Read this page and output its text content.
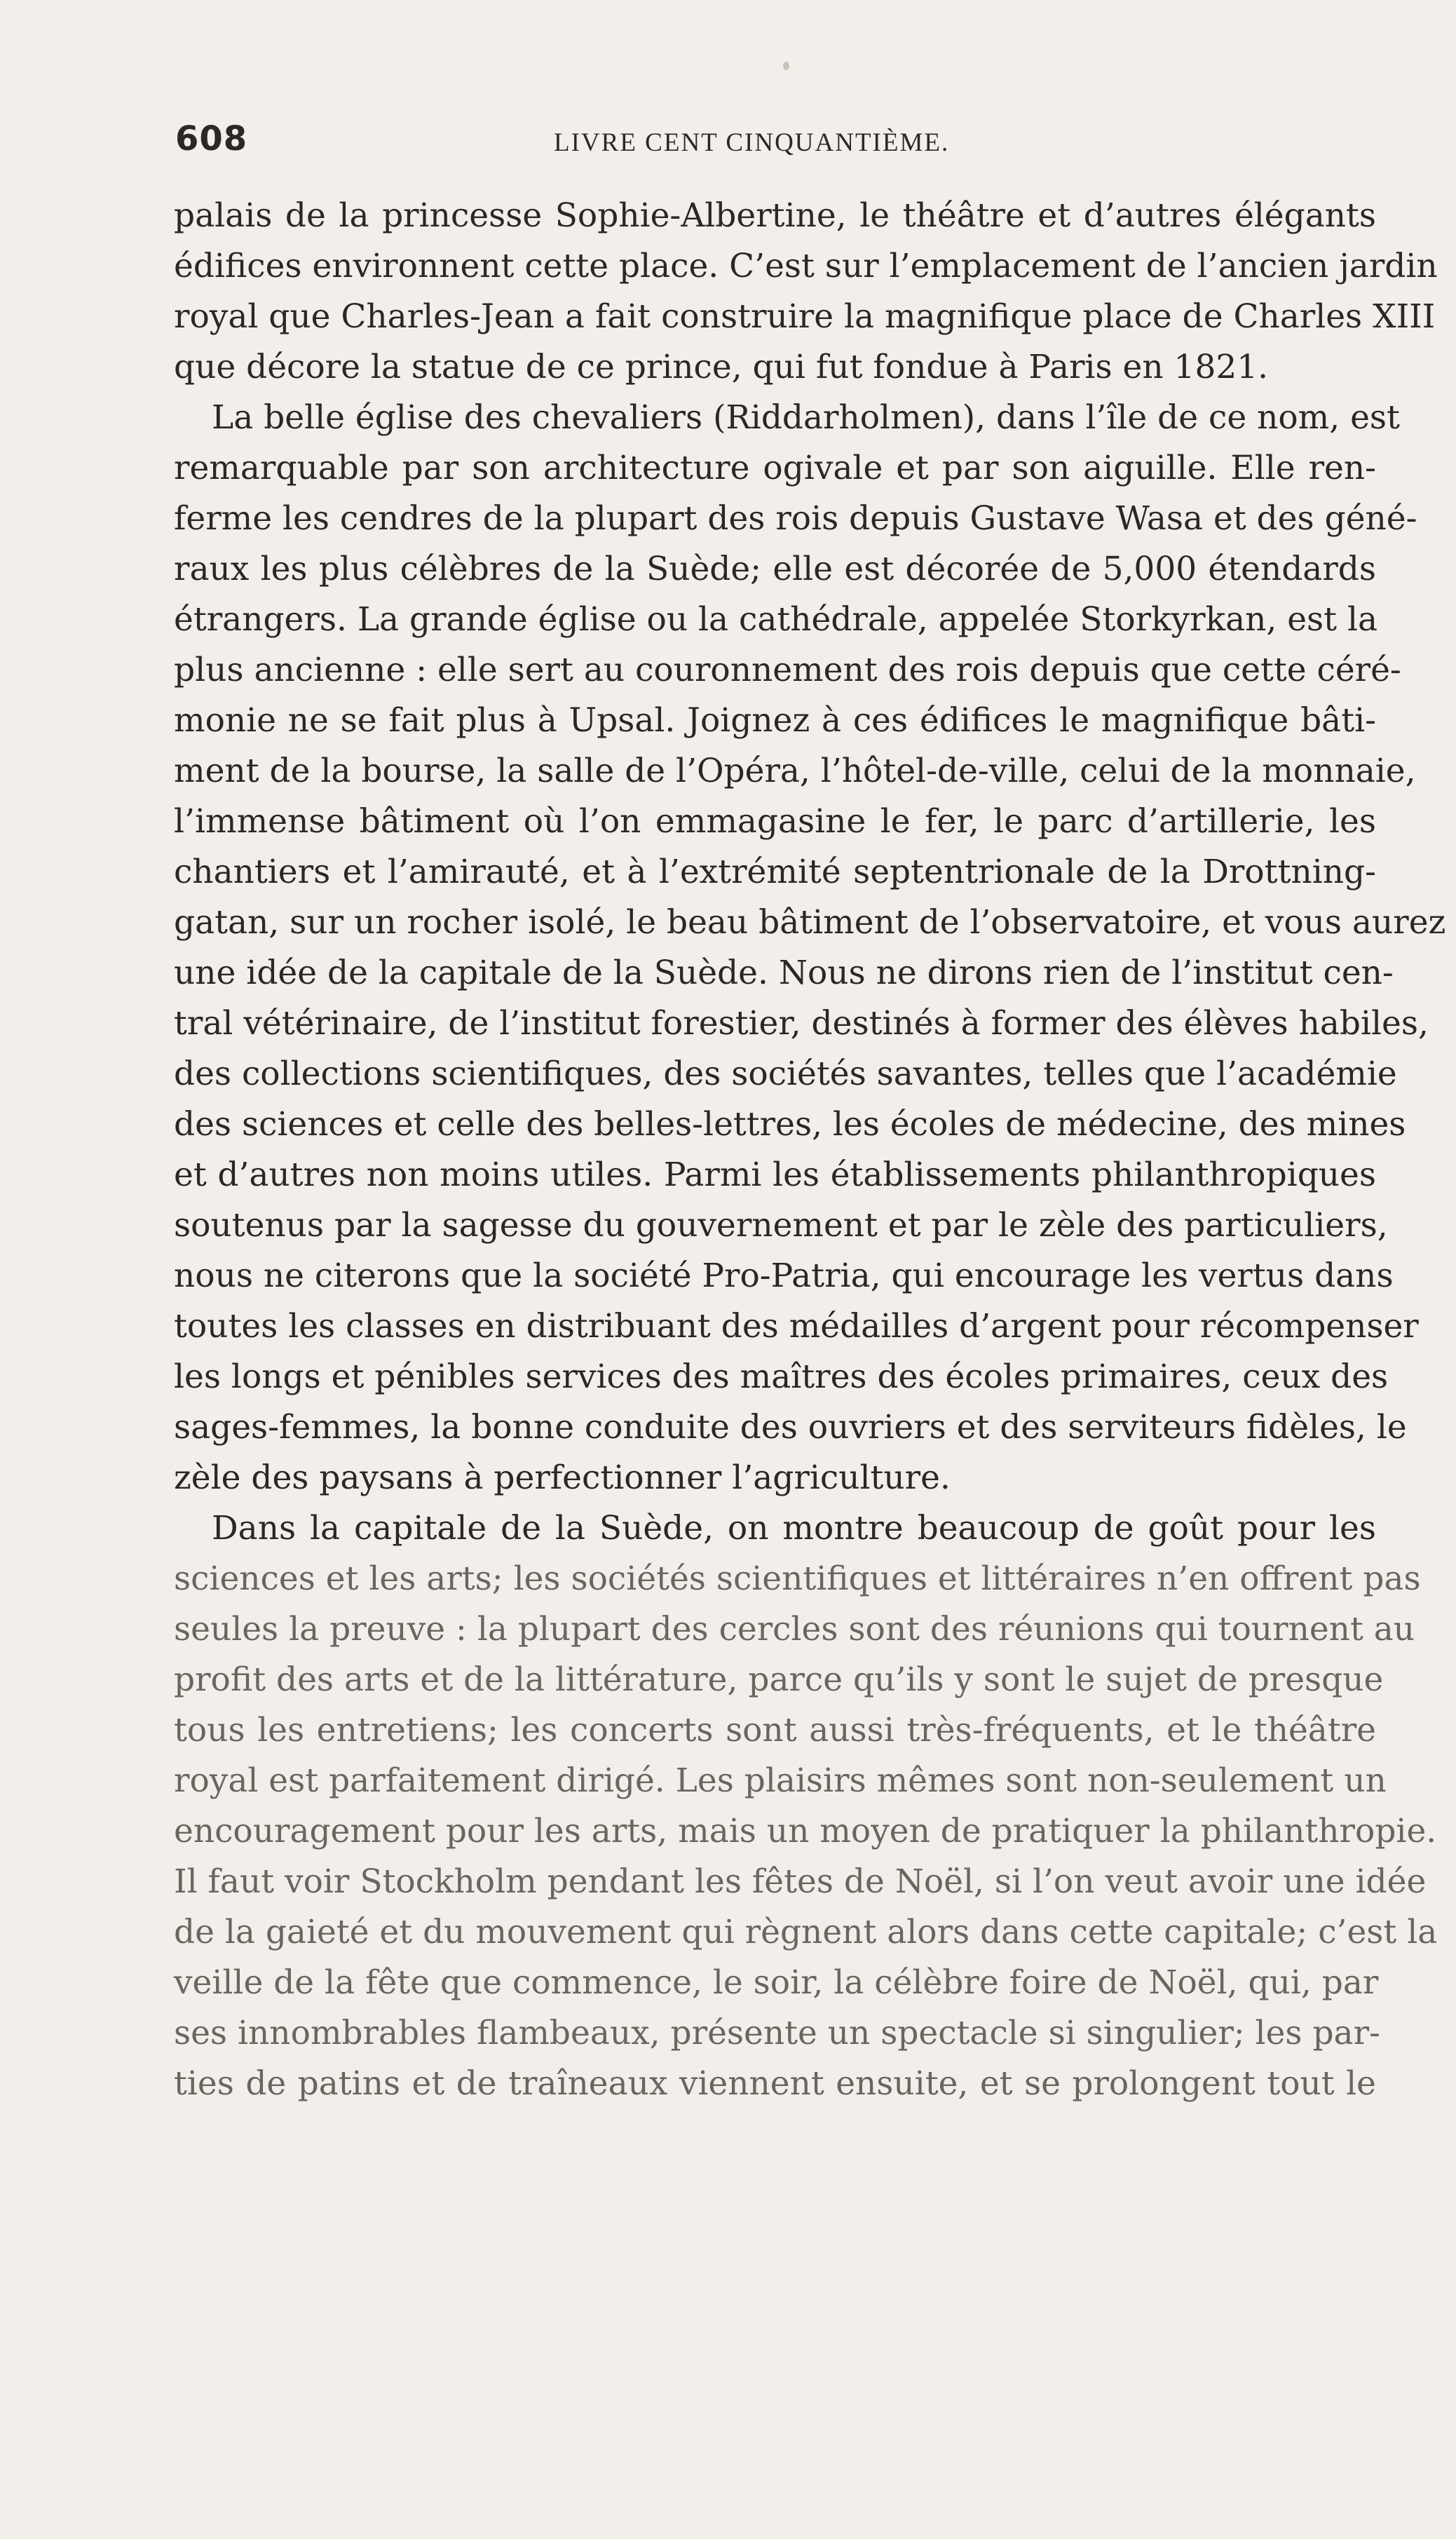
608	LIVRE CENT CINQUANTIÈME.
palais de la princesse Sophie-Albertine, le théâtre et d’autres élégants
édifices environnent cette place. C’est sur l’emplacement de l’ancien jardin
royal que Charles-Jean a fait construire la magnifique place de Charles XIII
que décore la statue de ce prince, qui fut fondue à Paris en 1821.
La belle église des chevaliers (Riddarholmen), dans l’île de ce nom, est
remarquable par son architecture ogivale et par son aiguille. Elle ren-
ferme les cendres de la plupart des rois depuis Gustave Wasa et des géné-
raux les plus célèbres de la Suède; elle est décorée de 5,000 étendards
étrangers. La grande église ou la cathédrale, appelée Storkyrkan, est la
plus ancienne : elle sert au couronnement des rois depuis que cette céré-
monie ne se fait plus à Upsal. Joignez à ces édifices le magnifique bâti-
ment de la bourse, la salle de l’Opéra, l’hôtel-de-ville, celui de la monnaie,
l’immense bâtiment où l’on emmagasine le fer, le parc d’artillerie, les
chantiers et l’amirauté, et à l’extrémité septentrionale de la Drottning-
gatan, sur un rocher isolé, le beau bâtiment de l’observatoire, et vous aurez
une idée de la capitale de la Suède. Nous ne dirons rien de l’institut cen-
tral vétérinaire, de l’institut forestier, destinés à former des élèves habiles,
des collections scientifiques, des sociétés savantes, telles que l’académie
des sciences et celle des belles-lettres, les écoles de médecine, des mines
et d’autres non moins utiles. Parmi les établissements philanthropiques
soutenus par la sagesse du gouvernement et par le zèle des particuliers,
nous ne citerons que la société Pro-Patria, qui encourage les vertus dans
toutes les classes en distribuant des médailles d’argent pour récompenser
les longs et pénibles services des maîtres des écoles primaires, ceux des
sages-femmes, la bonne conduite des ouvriers et des serviteurs fidèles, le
zèle des paysans à perfectionner l’agriculture.
Dans la capitale de la Suède, on montre beaucoup de goût pour les
sciences et les arts; les sociétés scientifiques et littéraires n’en offrent pas
seules la preuve : la plupart des cercles sont des réunions qui tournent au
profit des arts et de la littérature, parce qu’ils y sont le sujet de presque
tous les entretiens; les concerts sont aussi très-fréquents, et le théâtre
royal est parfaitement dirigé. Les plaisirs mêmes sont non-seulement un
encouragement pour les arts, mais un moyen de pratiquer la philanthropie.
Il faut voir Stockholm pendant les fêtes de Noël, si l’on veut avoir une idée
de la gaieté et du mouvement qui règnent alors dans cette capitale; c’est la
veille de la fête que commence, le soir, la célèbre foire de Noël, qui, par
ses innombrables flambeaux, présente un spectacle si singulier; les par-
ties de patins et de traîneaux viennent ensuite, et se prolongent tout le
